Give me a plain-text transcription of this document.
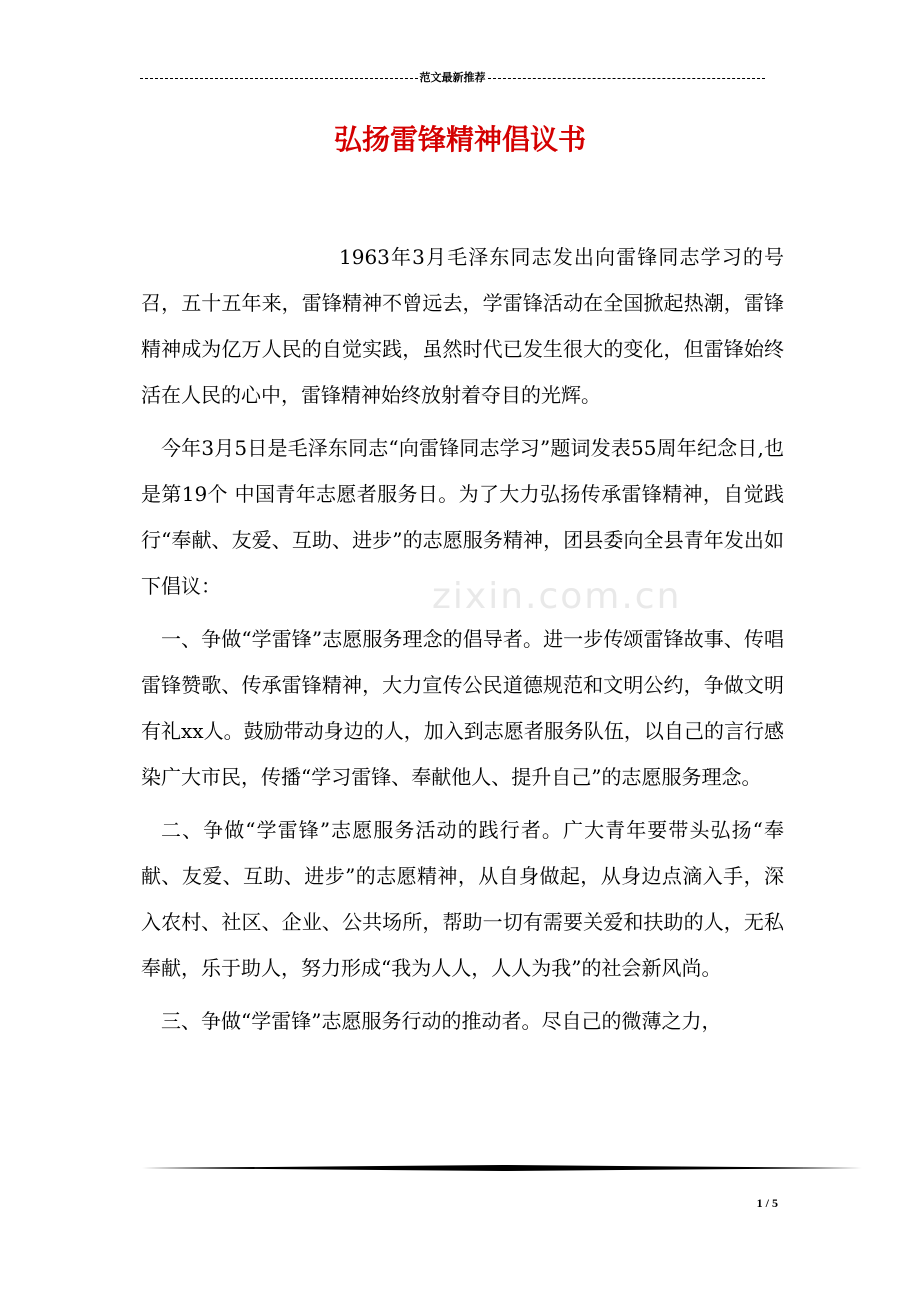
范文最新推荐
弘扬雷锋精神倡议书
zixin.com.cn

1963年3月毛泽东同志发出向雷锋同志学习的号召，五十五年来，雷锋精神不曾远去，学雷锋活动在全国掀起热潮，雷锋精神成为亿万人民的自觉实践，虽然时代已发生很大的变化，但雷锋始终活在人民的心中，雷锋精神始终放射着夺目的光辉。

今年3月5日是毛泽东同志“向雷锋同志学习”题词发表55周年纪念日,也是第19个 中国青年志愿者服务日。为了大力弘扬传承雷锋精神，自觉践行“奉献、友爱、互助、进步”的志愿服务精神，团县委向全县青年发出如下倡议：

一、争做“学雷锋”志愿服务理念的倡导者。进一步传颂雷锋故事、传唱雷锋赞歌、传承雷锋精神，大力宣传公民道德规范和文明公约，争做文明有礼xx人。鼓励带动身边的人，加入到志愿者服务队伍，以自己的言行感染广大市民，传播“学习雷锋、奉献他人、提升自己”的志愿服务理念。

二、争做“学雷锋”志愿服务活动的践行者。广大青年要带头弘扬“奉献、友爱、互助、进步”的志愿精神，从自身做起，从身边点滴入手，深入农村、社区、企业、公共场所，帮助一切有需要关爱和扶助的人，无私奉献，乐于助人，努力形成“我为人人，人人为我”的社会新风尚。

三、争做“学雷锋”志愿服务行动的推动者。尽自己的微薄之力，

1 / 5
